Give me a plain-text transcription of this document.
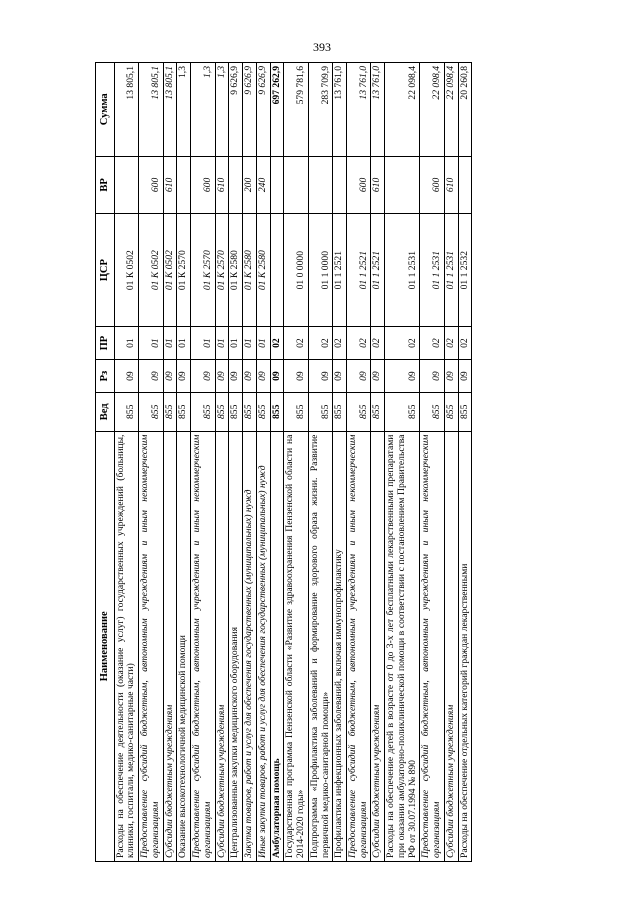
393
Наименование	Вед	Рз	ПР	ЦСР	ВР	Сумма
Расходы на обеспечение деятельности (оказание услуг) государственных учреждений (больницы, клиники, госпитали, медико-санитарные части)	855	09	01	01 К 0502		13 805,1
Предоставление субсидий бюджетным, автономным учреждениям и иным некоммерческим организациям	855	09	01	01 К 0502	600	13 805,1
Субсидии бюджетным учреждениям	855	09	01	01 К 0502	610	13 805,1
Оказание высокотехнологичной медицинской помощи	855	09	01	01 К 2570		1,3
Предоставление субсидий бюджетным, автономным учреждениям и иным некоммерческим организациям	855	09	01	01 К 2570	600	1,3
Субсидии бюджетным учреждениям	855	09	01	01 К 2570	610	1,3
Централизованные закупки медицинского оборудования	855	09	01	01 К 2580		9 626,9
Закупка товаров, работ и услуг для обеспечения государственных (муниципальных) нужд	855	09	01	01 К 2580	200	9 626,9
Иные закупки товаров, работ и услуг для обеспечения государственных (муниципальных) нужд	855	09	01	01 К 2580	240	9 626,9
Амбулаторная помощь	855	09	02			697 262,9
Государственная программа Пензенской области «Развитие здравоохранения Пензенской области на 2014-2020 годы»	855	09	02	01 0 0000		579 781,6
Подпрограмма «Профилактика заболеваний и формирование здорового образа жизни. Развитие первичной медико-санитарной помощи»	855	09	02	01 1 0000		283 709,9
Профилактика инфекционных заболеваний, включая иммунопрофилактику	855	09	02	01 1 2521		13 761,0
Предоставление субсидий бюджетным, автономным учреждениям и иным некоммерческим организациям	855	09	02	01 1 2521	600	13 761,0
Субсидии бюджетным учреждениям	855	09	02	01 1 2521	610	13 761,0
Расходы на обеспечение детей в возрасте от 0 до 3-х лет бесплатными лекарственными препаратами при оказании амбулаторно-поликлинической помощи в соответствии с постановлением Правительства РФ от 30.07.1994 № 890	855	09	02	01 1 2531		22 098,4
Предоставление субсидий бюджетным, автономным учреждениям и иным некоммерческим организациям	855	09	02	01 1 2531	600	22 098,4
Субсидии бюджетным учреждениям	855	09	02	01 1 2531	610	22 098,4
Расходы на обеспечение отдельных категорий граждан лекарственными	855	09	02	01 1 2532		20 260,8
